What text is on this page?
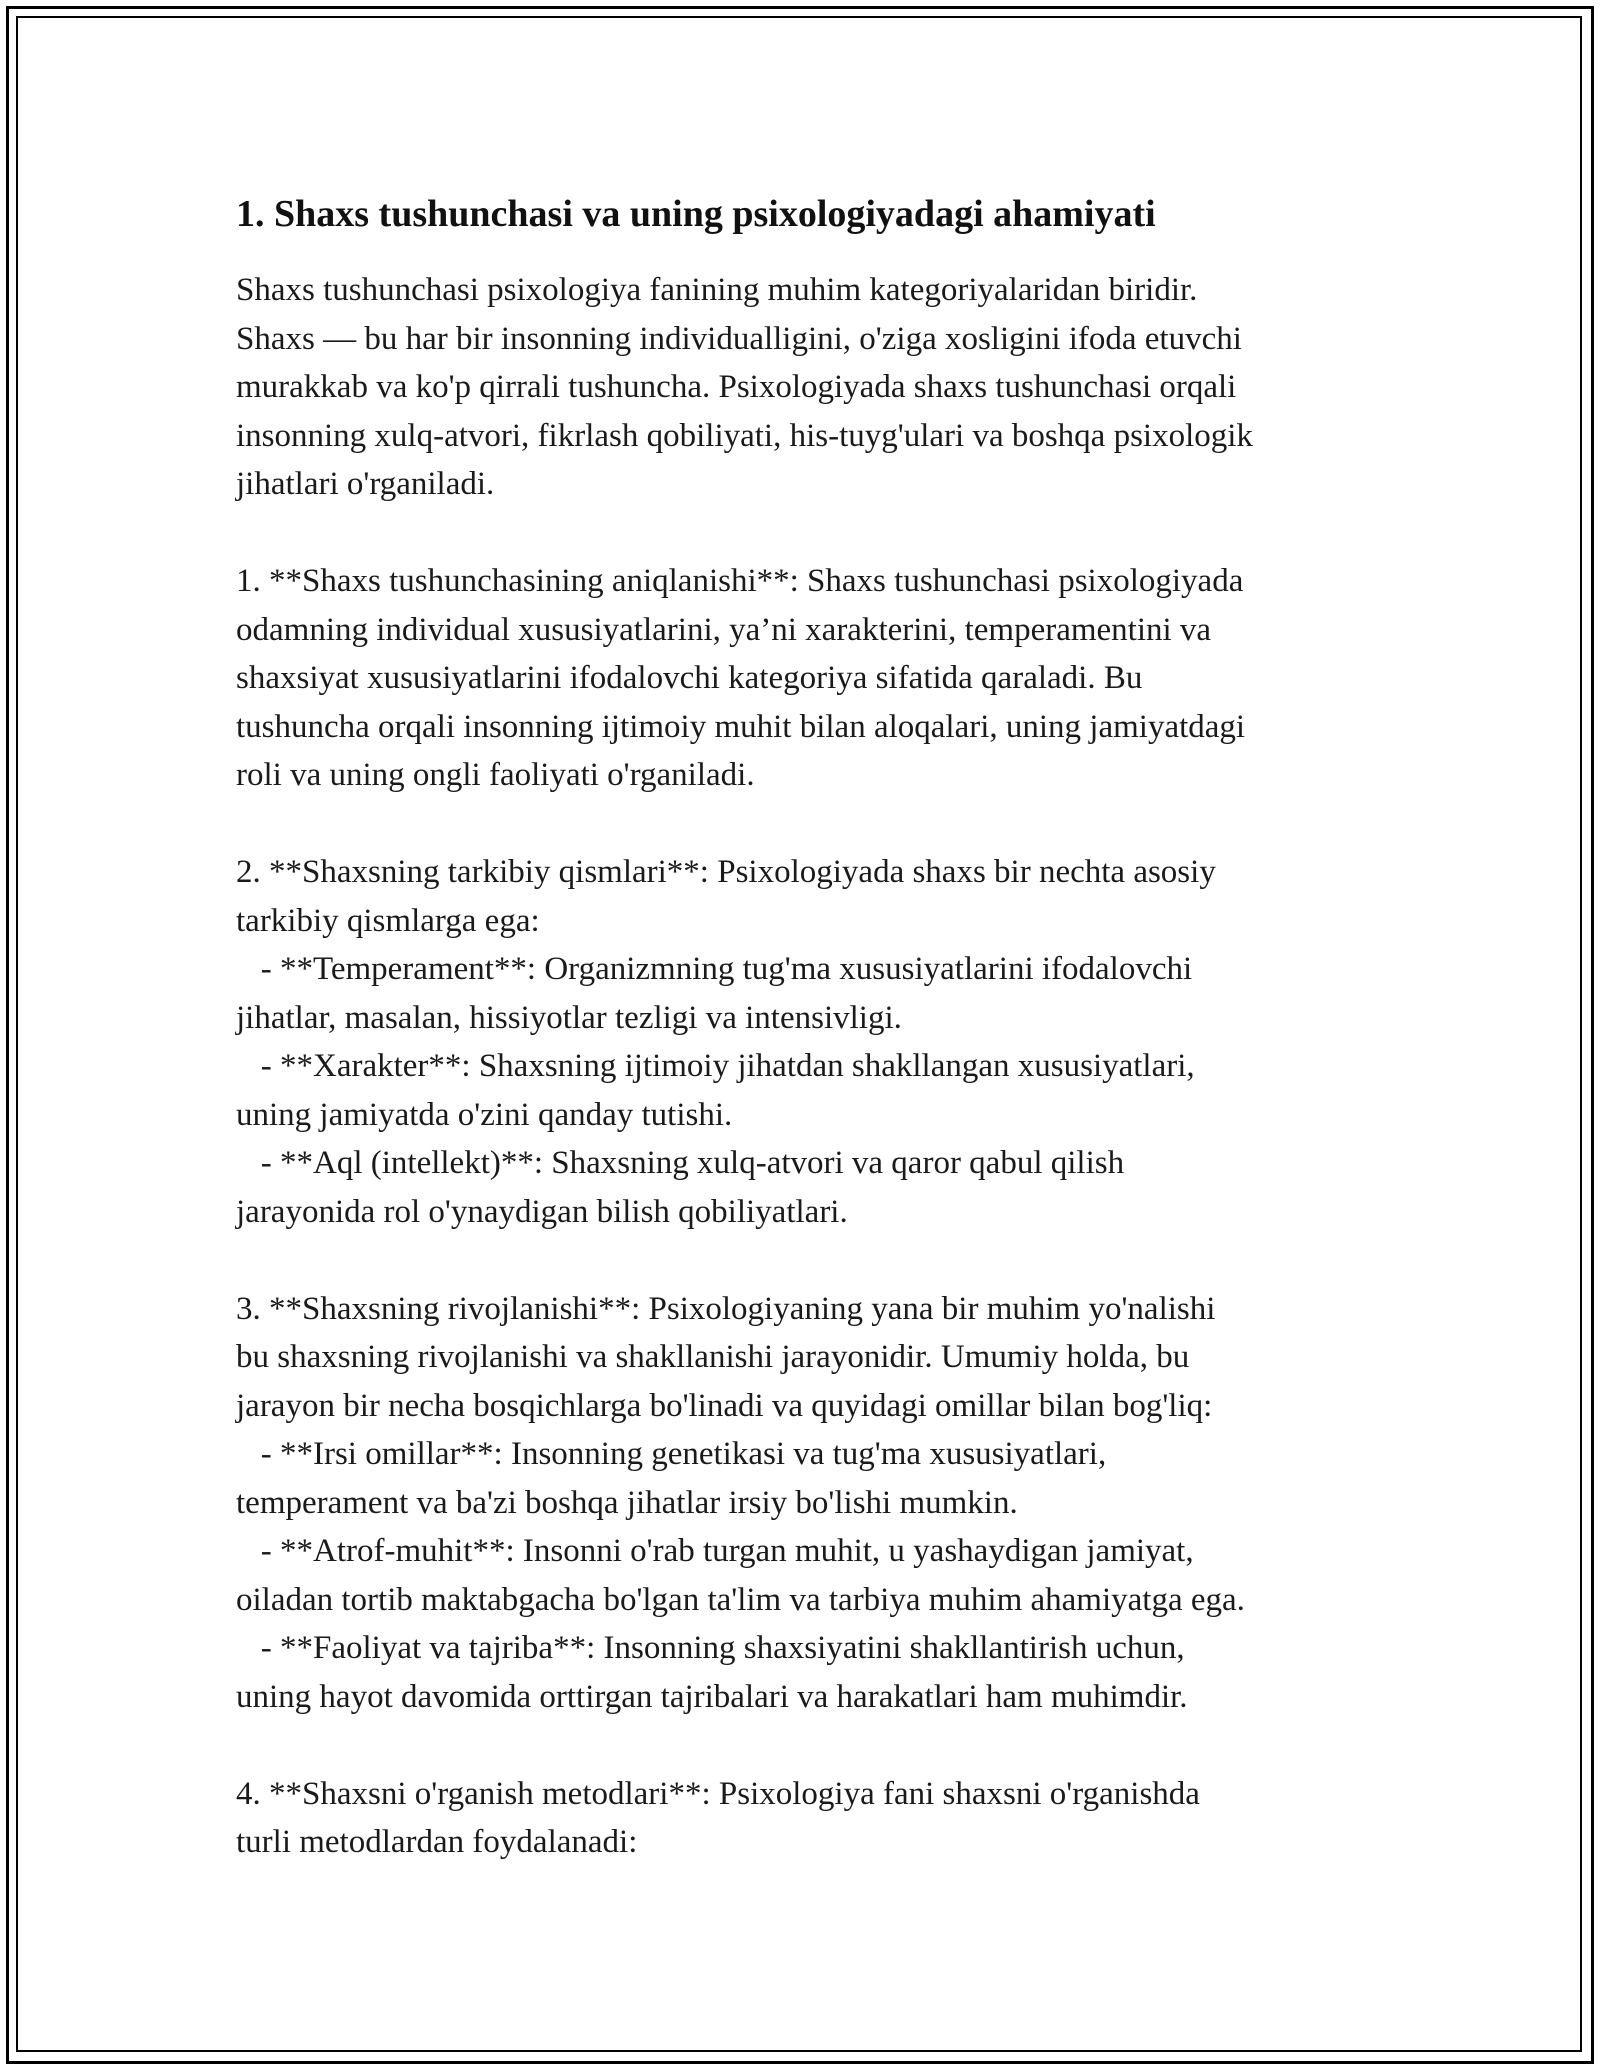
1. Shaxs tushunchasi va uning psixologiyadagi ahamiyati

Shaxs tushunchasi psixologiya fanining muhim kategoriyalaridan biridir.
Shaxs — bu har bir insonning individualligini, o'ziga xosligini ifoda etuvchi
murakkab va ko'p qirrali tushuncha. Psixologiyada shaxs tushunchasi orqali
insonning xulq-atvori, fikrlash qobiliyati, his-tuyg'ulari va boshqa psixologik
jihatlari o'rganiladi.

1. **Shaxs tushunchasining aniqlanishi**: Shaxs tushunchasi psixologiyada
odamning individual xususiyatlarini, ya’ni xarakterini, temperamentini va
shaxsiyat xususiyatlarini ifodalovchi kategoriya sifatida qaraladi. Bu
tushuncha orqali insonning ijtimoiy muhit bilan aloqalari, uning jamiyatdagi
roli va uning ongli faoliyati o'rganiladi.

2. **Shaxsning tarkibiy qismlari**: Psixologiyada shaxs bir nechta asosiy
tarkibiy qismlarga ega:
- **Temperament**: Organizmning tug'ma xususiyatlarini ifodalovchi
jihatlar, masalan, hissiyotlar tezligi va intensivligi.
- **Xarakter**: Shaxsning ijtimoiy jihatdan shakllangan xususiyatlari,
uning jamiyatda o'zini qanday tutishi.
- **Aql (intellekt)**: Shaxsning xulq-atvori va qaror qabul qilish
jarayonida rol o'ynaydigan bilish qobiliyatlari.

3. **Shaxsning rivojlanishi**: Psixologiyaning yana bir muhim yo'nalishi
bu shaxsning rivojlanishi va shakllanishi jarayonidir. Umumiy holda, bu
jarayon bir necha bosqichlarga bo'linadi va quyidagi omillar bilan bog'liq:
- **Irsi omillar**: Insonning genetikasi va tug'ma xususiyatlari,
temperament va ba'zi boshqa jihatlar irsiy bo'lishi mumkin.
- **Atrof-muhit**: Insonni o'rab turgan muhit, u yashaydigan jamiyat,
oiladan tortib maktabgacha bo'lgan ta'lim va tarbiya muhim ahamiyatga ega.
- **Faoliyat va tajriba**: Insonning shaxsiyatini shakllantirish uchun,
uning hayot davomida orttirgan tajribalari va harakatlari ham muhimdir.

4. **Shaxsni o'rganish metodlari**: Psixologiya fani shaxsni o'rganishda
turli metodlardan foydalanadi:
